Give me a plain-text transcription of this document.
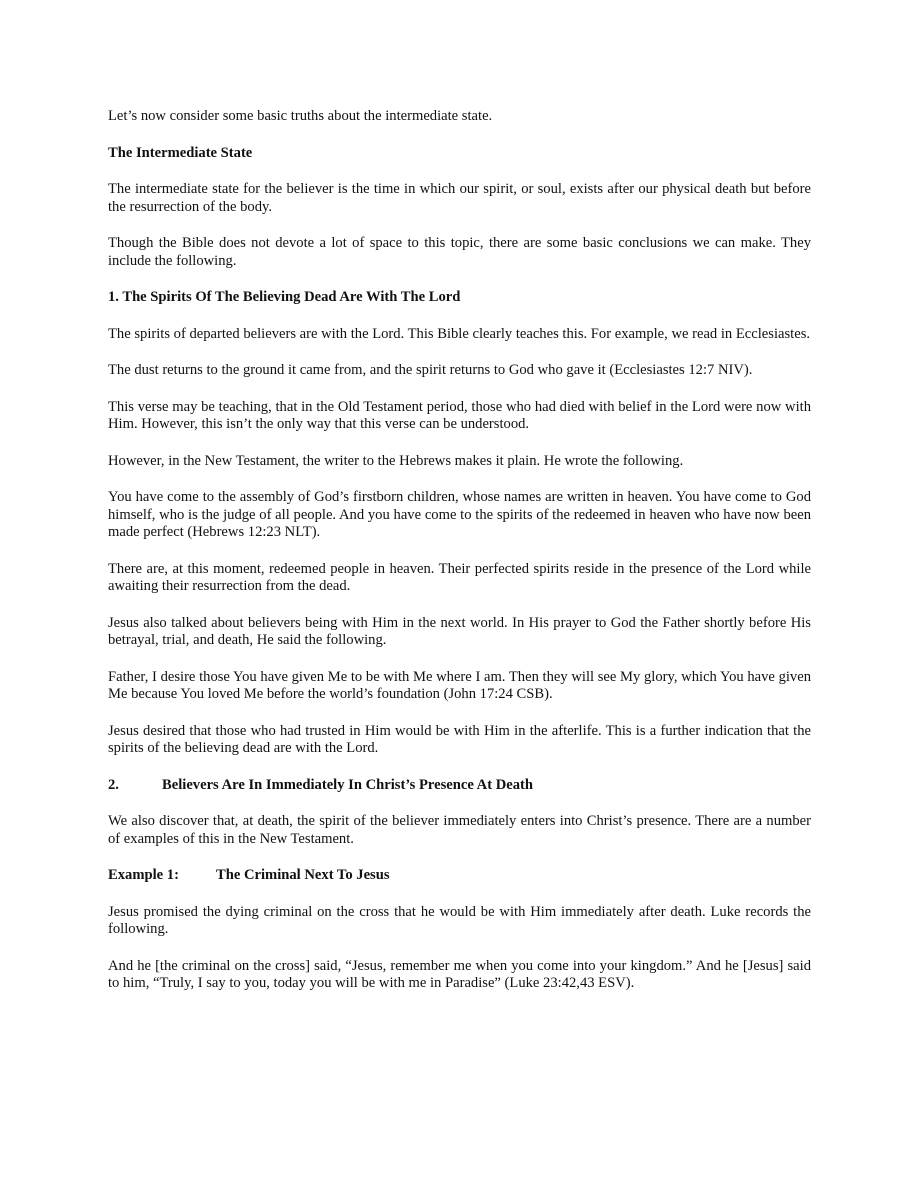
Let’s now consider some basic truths about the intermediate state.

The Intermediate State

The intermediate state for the believer is the time in which our spirit, or soul, exists after our physical death but before the resurrection of the body.

Though the Bible does not devote a lot of space to this topic, there are some basic conclusions we can make. They include the following.

1. The Spirits Of The Believing Dead Are With The Lord

The spirits of departed believers are with the Lord. This Bible clearly teaches this. For example, we read in Ecclesiastes.

The dust returns to the ground it came from, and the spirit returns to God who gave it (Ecclesiastes 12:7 NIV).

This verse may be teaching, that in the Old Testament period, those who had died with belief in the Lord were now with Him. However, this isn’t the only way that this verse can be understood.

However, in the New Testament, the writer to the Hebrews makes it plain. He wrote the following.

You have come to the assembly of God’s firstborn children, whose names are written in heaven. You have come to God himself, who is the judge of all people. And you have come to the spirits of the redeemed in heaven who have now been made perfect (Hebrews 12:23 NLT).

There are, at this moment, redeemed people in heaven. Their perfected spirits reside in the presence of the Lord while awaiting their resurrection from the dead.

Jesus also talked about believers being with Him in the next world. In His prayer to God the Father shortly before His betrayal, trial, and death, He said the following.

Father, I desire those You have given Me to be with Me where I am. Then they will see My glory, which You have given Me because You loved Me before the world’s foundation (John 17:24 CSB).

Jesus desired that those who had trusted in Him would be with Him in the afterlife. This is a further indication that the spirits of the believing dead are with the Lord.

2.	Believers Are In Immediately In Christ’s Presence At Death

We also discover that, at death, the spirit of the believer immediately enters into Christ’s presence. There are a number of examples of this in the New Testament.

Example 1:	The Criminal Next To Jesus

Jesus promised the dying criminal on the cross that he would be with Him immediately after death. Luke records the following.

And he [the criminal on the cross] said, “Jesus, remember me when you come into your kingdom.” And he [Jesus] said to him, “Truly, I say to you, today you will be with me in Paradise” (Luke 23:42,43 ESV).
